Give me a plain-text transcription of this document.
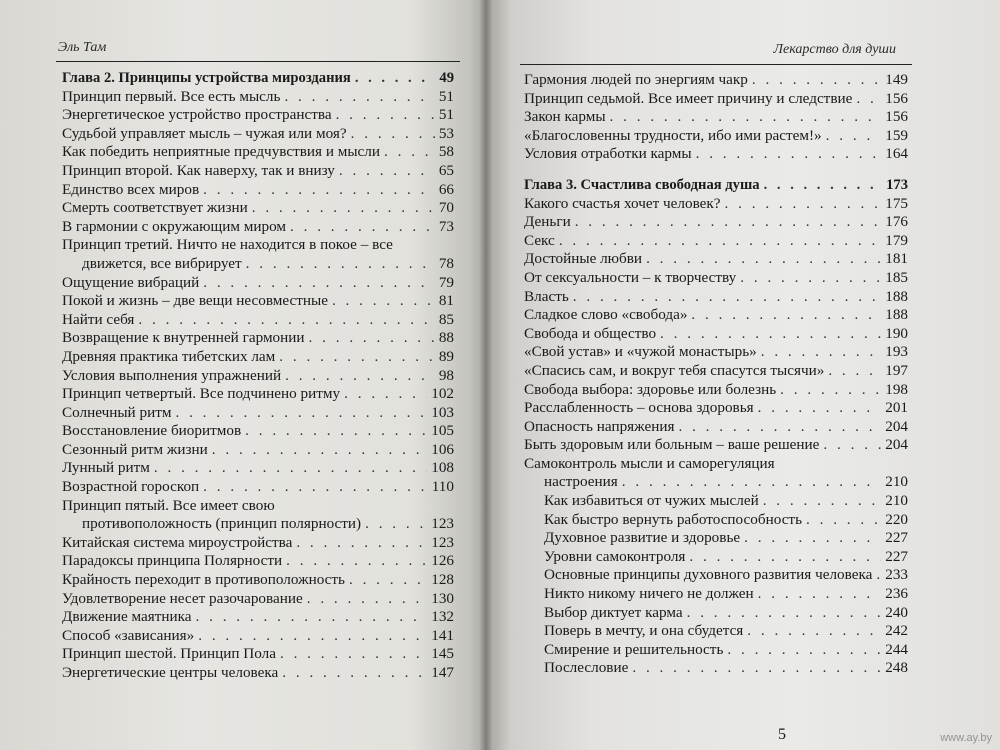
Эль Там	Лекарство для души
Глава 2. Принципы устройства мироздания . . .	49
Принцип первый. Все есть мысль . . .	51
Энергетическое устройство пространства . . .	51
Судьбой управляет мысль – чужая или моя? . . .	53
Как победить неприятные предчувствия и мысли . . .	58
Принцип второй. Как наверху, так и внизу . . .	65
Единство всех миров . . .	66
Смерть соответствует жизни . . .	70
В гармонии с окружающим миром . . .	73
Принцип третий. Ничто не находится в покое – все
движется, все вибрирует . . .	78
Ощущение вибраций . . .	79
Покой и жизнь – две вещи несовместные . . .	81
Найти себя . . .	85
Возвращение к внутренней гармонии . . .	88
Древняя практика тибетских лам . . .	89
Условия выполнения упражнений . . .	98
Принцип четвертый. Все подчинено ритму . . .	102
Солнечный ритм . . .	103
Восстановление биоритмов . . .	105
Сезонный ритм жизни . . .	106
Лунный ритм . . .	108
Возрастной гороскоп . . .	110
Принцип пятый. Все имеет свою
противоположность (принцип полярности) . . .	123
Китайская система мироустройства . . .	123
Парадоксы принципа Полярности . . .	126
Крайность переходит в противоположность . . .	128
Удовлетворение несет разочарование . . .	130
Движение маятника . . .	132
Способ «зависания» . . .	141
Принцип шестой. Принцип Пола . . .	145
Энергетические центры человека . . .	147
Гармония людей по энергиям чакр . . .	149
Принцип седьмой. Все имеет причину и следствие . . . 156
Закон кармы . . .	156
«Благословенны трудности, ибо ими растем!» . . .	159
Условия отработки кармы . . .	164
Глава 3. Счастлива свободная душа . . .	173
Какого счастья хочет человек? . . .	175
Деньги . . .	176
Секс . . .	179
Достойные любви . . .	181
От сексуальности – к творчеству . . .	185
Власть . . .	188
Сладкое слово «свобода» . . .	188
Свобода и общество . . .	190
«Свой устав» и «чужой монастырь» . . .	193
«Спасись сам, и вокруг тебя спасутся тысячи» . . .	197
Свобода выбора: здоровье или болезнь . . .	198
Расслабленность – основа здоровья . . .	201
Опасность напряжения . . .	204
Быть здоровым или больным – ваше решение . . .	204
Самоконтроль мысли и саморегуляция
настроения . . .	210
Как избавиться от чужих мыслей . . .	210
Как быстро вернуть работоспособность . . .	220
Духовное развитие и здоровье . . .	227
Уровни самоконтроля . . .	227
Основные принципы духовного развития человека . . . 233
Никто никому ничего не должен . . .	236
Выбор диктует карма . . .	240
Поверь в мечту, и она сбудется . . .	242
Смирение и решительность . . .	244
Послесловие . . .	248
5	www.ay.by
